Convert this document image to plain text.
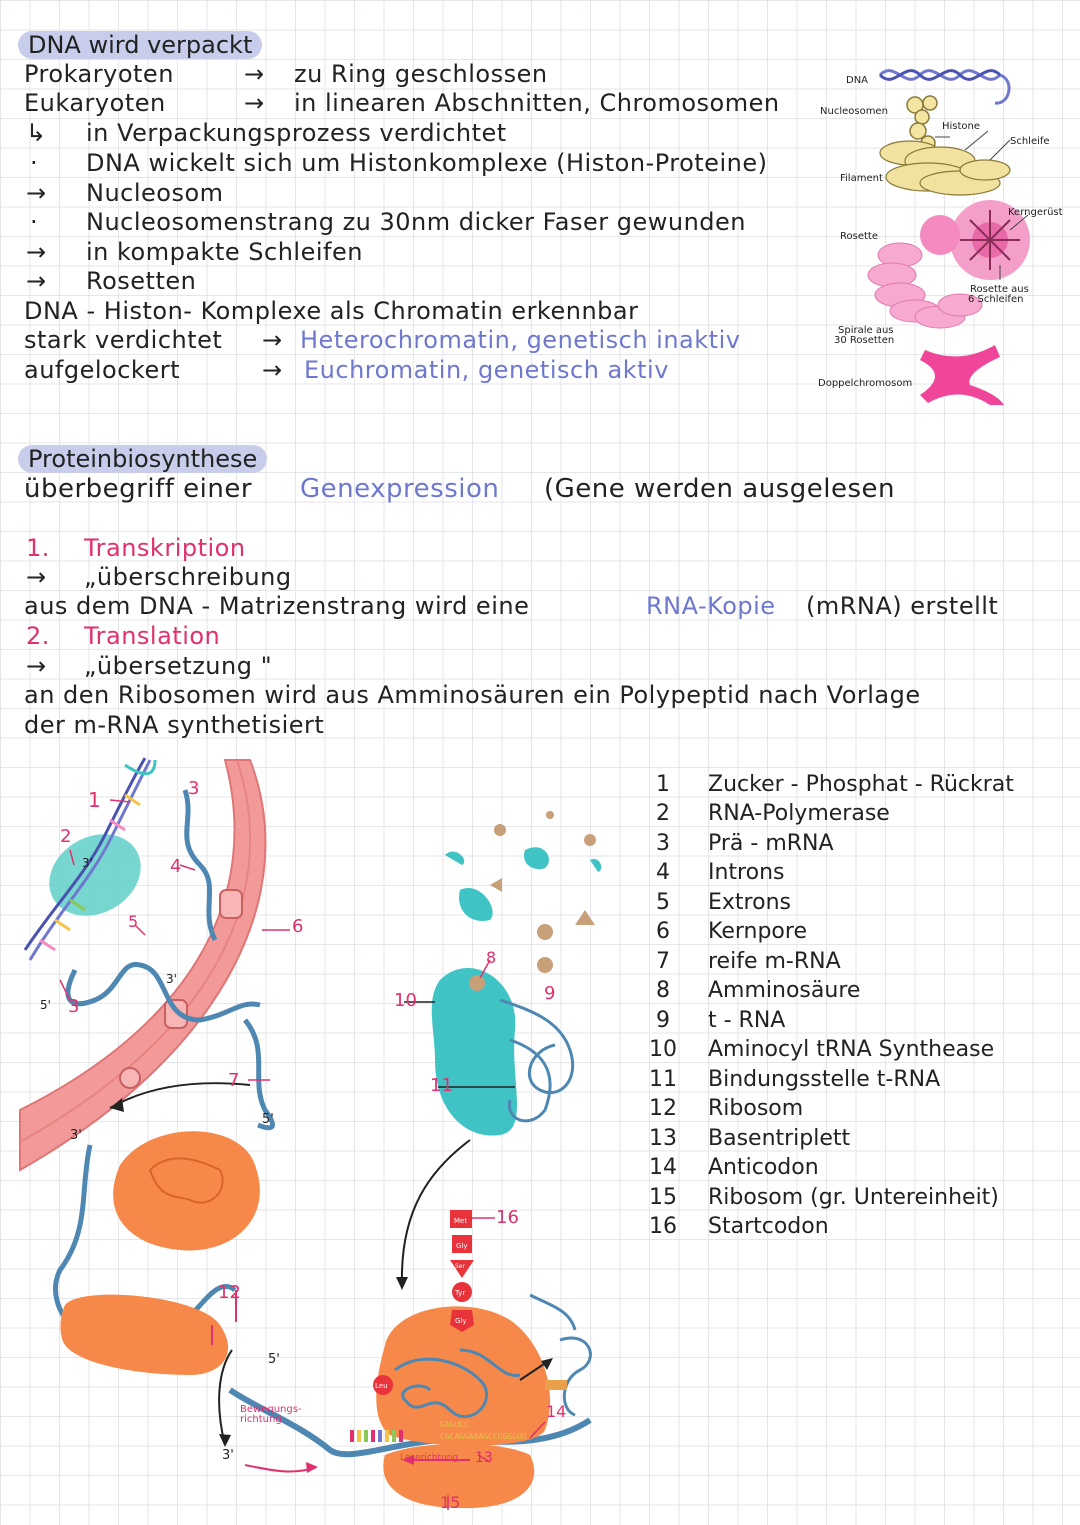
DNA wird verpackt
Prokaryoten	→ zu Ring geschlossen
Eukaryoten	→ in linearen Abschnitten, Chromosomen
↳ in Verpackungsprozess verdichtet
· DNA wickelt sich um Histonkomplexe (Histon-Proteine)
→ Nucleosom
· Nucleosomenstrang zu 30nm dicker Faser gewunden
→ in kompakte Schleifen
→ Rosetten
DNA - Histon- Komplexe als Chromatin erkennbar
stark verdichtet → Heterochromatin, genetisch inaktiv
aufgelockert	→ Euchromatin, genetisch aktiv
DNA
Nucleosomen
Histone
Schleife
Filament
Kerngerüst
Rosette
Rosette aus
6 Schleifen
Spirale aus
30 Rosetten
Doppelchromosom
Proteinbiosynthese
überbegriff einer Genexpression (Gene werden ausgelesen
1. Transkription
→ „überschreibung
aus dem DNA - Matrizenstrang wird eine	RNA-Kopie (mRNA) erstellt
2. Translation
→ „übersetzung "
an den Ribosomen wird aus Amminosäuren ein Polypeptid nach Vorlage
der m-RNA synthetisiert
1	Zucker - Phosphat - Rückrat
2	RNA-Polymerase
3	Prä - mRNA
4	Introns
5	Extrons
6	Kernpore
7	reife m-RNA
8	Amminosäure
9	t - RNA
10 Aminocyl tRNA Synthease
11 Bindungsstelle t-RNA
12 Ribosom
13 Basentriplett
14 Anticodon
15 Ribosom (gr. Untereinheit)
16 Startcodon
Met
Gly
Ser
Tyr
Gly
Leu
GAGUCC
CGCAGGAAAGCCUGGGUU
1
2
3
3
4
5	6
7
8
9
10
11
12
13
14
15
16
5'
3'
3'
5'
3'
5'
3'
Bewegungs-
richtung
Leserichtung
